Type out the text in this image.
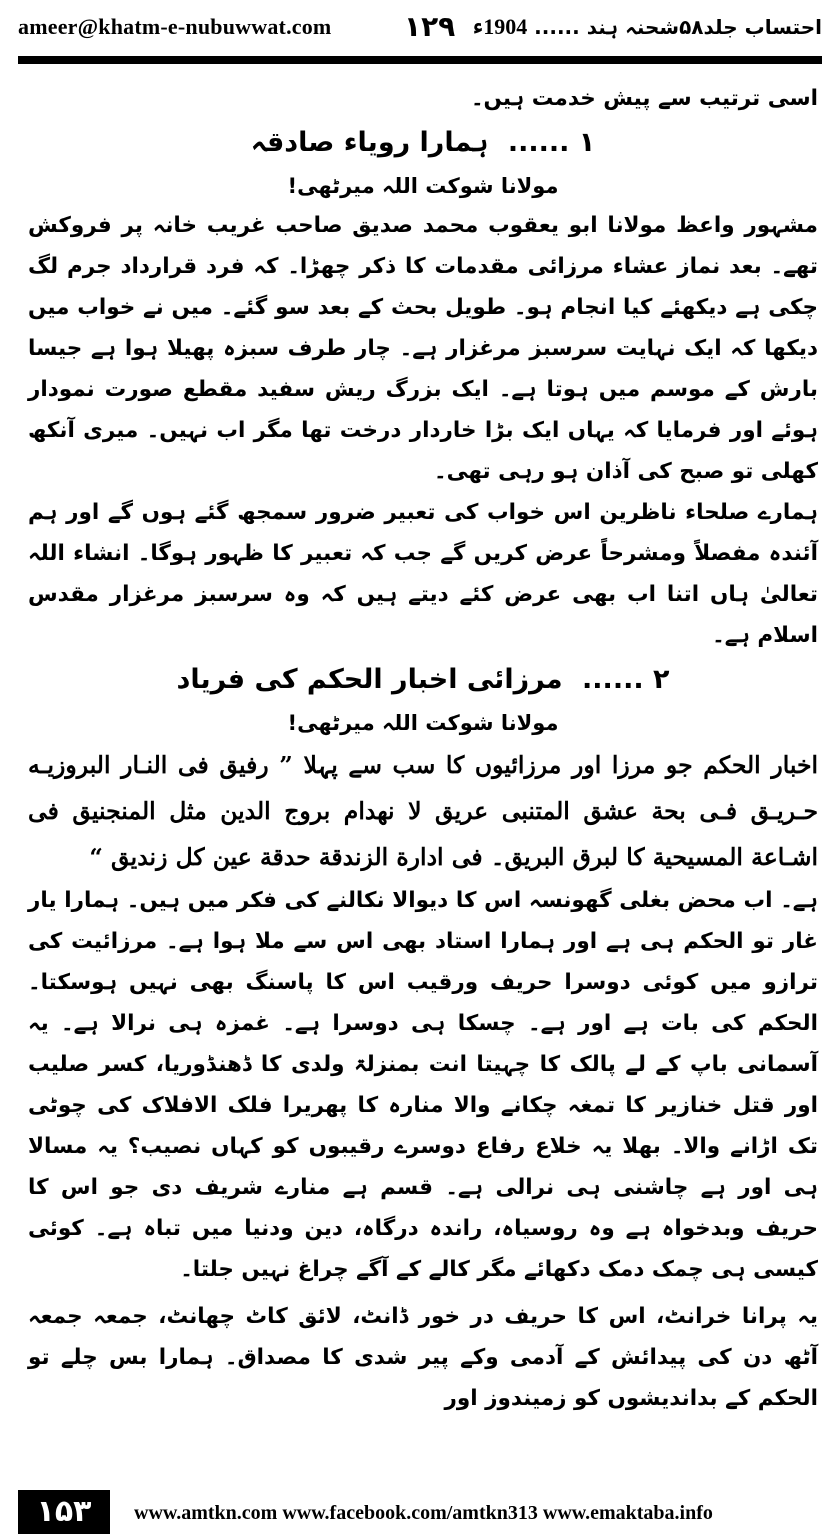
ameer@khatm-e-nubuwwat.com	۱۲۹	احتساب جلد۵۸شحنہ ہند ...... 1904ء

اسی ترتیب سے پیش خدمت ہیں۔

۱ ...... ہمارا رویاء صادقہ

مولانا شوکت اللہ میرٹھی!

مشہور واعظ مولانا ابو یعقوب محمد صدیق صاحب غریب خانہ پر فروکش تھے۔ بعد نماز عشاء مرزائی مقدمات کا ذکر چھڑا۔ کہ فرد قرارداد جرم لگ چکی ہے دیکھئے کیا انجام ہو۔ طویل بحث کے بعد سو گئے۔ میں نے خواب میں دیکھا کہ ایک نہایت سرسبز مرغزار ہے۔ چار طرف سبزہ پھیلا ہوا ہے جیسا بارش کے موسم میں ہوتا ہے۔ ایک بزرگ ریش سفید مقطع صورت نمودار ہوئے اور فرمایا کہ یہاں ایک بڑا خاردار درخت تھا مگر اب نہیں۔ میری آنکھ کھلی تو صبح کی آذان ہو رہی تھی۔

ہمارے صلحاء ناظرین اس خواب کی تعبیر ضرور سمجھ گئے ہوں گے اور ہم آئندہ مفصلاً ومشرحاً عرض کریں گے جب کہ تعبیر کا ظہور ہوگا۔ انشاء اللہ تعالیٰ ہاں اتنا اب بھی عرض کئے دیتے ہیں کہ وہ سرسبز مرغزار مقدس اسلام ہے۔

۲ ...... مرزائی اخبار الحکم کی فریاد

مولانا شوکت اللہ میرٹھی!

اخبار الحکم جو مرزا اور مرزائیوں کا سب سے پہلا ” رفیق فی النـار البروزیـه حـریـق فـی بحة عشق المتنبی عریق لا نهدام بروج الدین مثل المنجنیق فی اشـاعة المسیحیة کا لبرق البریق۔ فی ادارة الزندقة حدقة عین کل زندیق “

ہے۔ اب محض بغلی گھونسہ اس کا دیوالا نکالنے کی فکر میں ہیں۔ ہمارا یار غار تو الحکم ہی ہے اور ہمارا استاد بھی اس سے ملا ہوا ہے۔ مرزائیت کی ترازو میں کوئی دوسرا حریف ورقیب اس کا پاسنگ بھی نہیں ہوسکتا۔ الحکم کی بات ہے اور ہے۔ چسکا ہی دوسرا ہے۔ غمزہ ہی نرالا ہے۔ یہ آسمانی باپ کے لے پالک کا چہیتا انت بمنزلۃ ولدی کا ڈھنڈوریا، کسر صلیب اور قتل خنازیر کا تمغہ چکانے والا منارہ کا پھریرا فلک الافلاک کی چوٹی تک اڑانے والا۔ بھلا یہ خلاع رفاع دوسرے رقیبوں کو کہاں نصیب؟ یہ مسالا ہی اور ہے چاشنی ہی نرالی ہے۔ قسم ہے منارے شریف دی جو اس کا حریف وبدخواہ ہے وہ روسیاہ، راندہ درگاہ، دین ودنیا میں تباہ ہے۔ کوئی کیسی ہی چمک دمک دکھائے مگر کالے کے آگے چراغ نہیں جلتا۔

یہ پرانا خرانٹ، اس کا حریف در خور ڈانٹ، لائق کاٹ چھانٹ، جمعہ جمعہ آٹھ دن کی پیدائش کے آدمی وکے پیر شدی کا مصداق۔ ہمارا بس چلے تو الحکم کے بداندیشوں کو زمیندوز اور

۱۵۳	www.amtkn.com www.facebook.com/amtkn313 www.emaktaba.info
